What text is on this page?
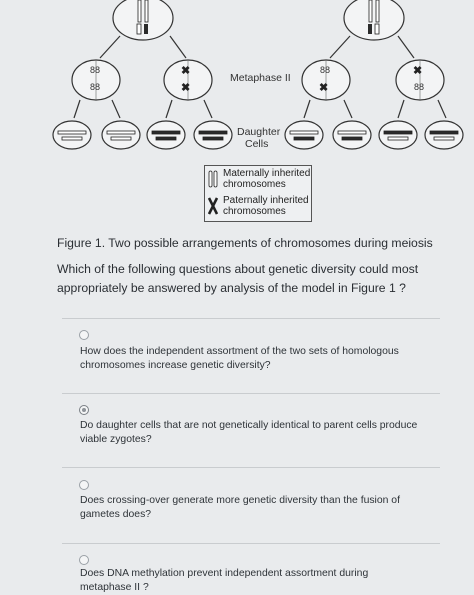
88
88
✖
✖
88
✖
✖
88
Metaphase II
Daughter
Cells
Maternally inherited chromosomes
Paternally inherited chromosomes
Figure 1. Two possible arrangements of chromosomes during meiosis
Which of the following questions about genetic diversity could most appropriately be answered by analysis of the model in Figure 1 ?
How does the independent assortment of the two sets of homologous chromosomes increase genetic diversity?
Do daughter cells that are not genetically identical to parent cells produce viable zygotes?
Does crossing-over generate more genetic diversity than the fusion of gametes does?
Does DNA methylation prevent independent assortment during metaphase II ?
